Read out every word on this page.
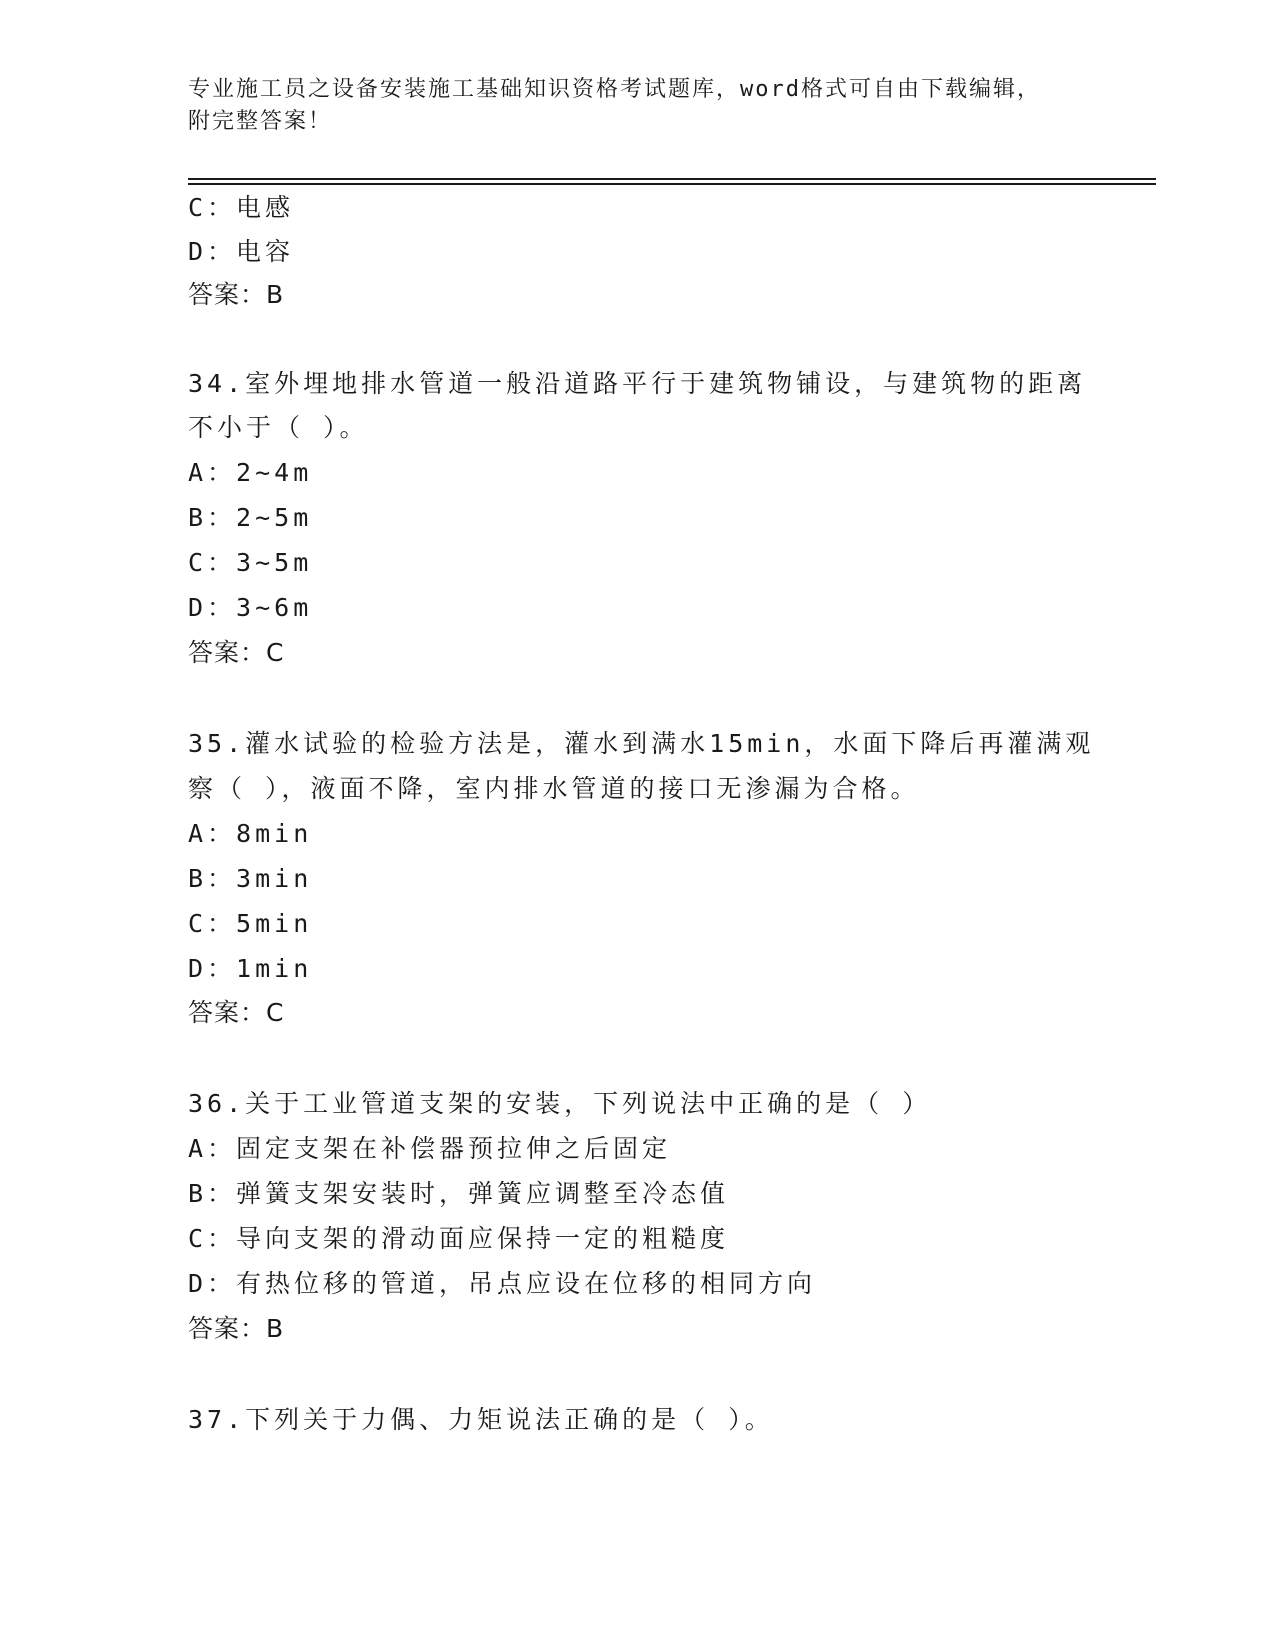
专业施工员之设备安装施工基础知识资格考试题库，word格式可自由下载编辑，
附完整答案！
C：电感
D：电容
答案：B
34.室外埋地排水管道一般沿道路平行于建筑物铺设，与建筑物的距离
不小于（ ）。
A：2~4m
B：2~5m
C：3~5m
D：3~6m
答案：C
35.灌水试验的检验方法是，灌水到满水15min，水面下降后再灌满观
察（ ），液面不降，室内排水管道的接口无渗漏为合格。
A：8min
B：3min
C：5min
D：1min
答案：C
36.关于工业管道支架的安装，下列说法中正确的是（ ）
A：固定支架在补偿器预拉伸之后固定
B：弹簧支架安装时，弹簧应调整至冷态值
C：导向支架的滑动面应保持一定的粗糙度
D：有热位移的管道，吊点应设在位移的相同方向
答案：B
37.下列关于力偶、力矩说法正确的是（ ）。
